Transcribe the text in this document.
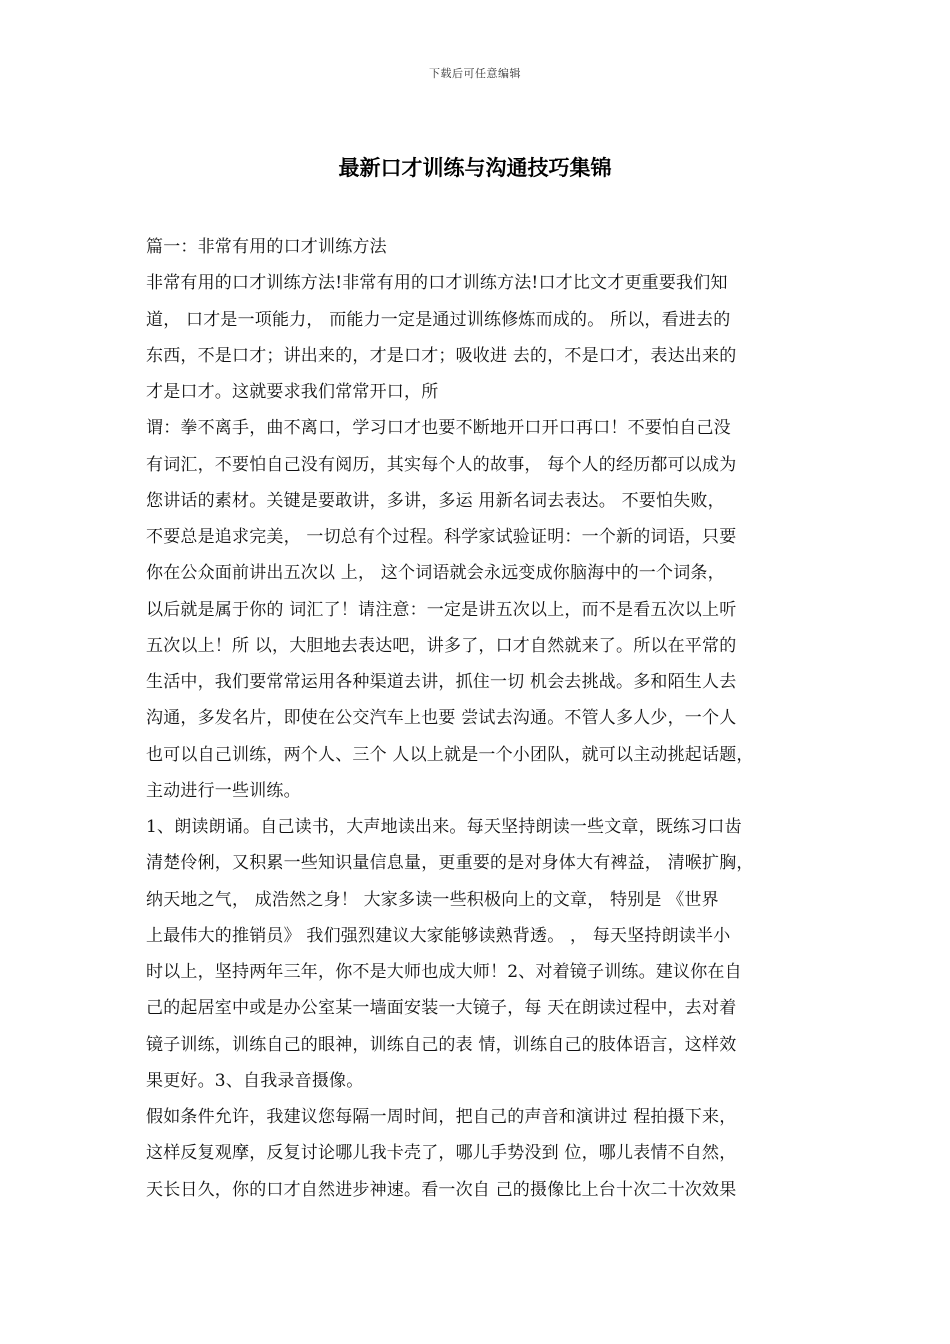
下载后可任意编辑
最新口才训练与沟通技巧集锦
篇一：非常有用的口才训练方法
非常有用的口才训练方法!非常有用的口才训练方法!口才比文才更重要我们知
道， 口才是一项能力， 而能力一定是通过训练修炼而成的。 所以，看进去的
东西，不是口才；讲出来的，才是口才；吸收进 去的，不是口才，表达出来的
才是口才。这就要求我们常常开口，所
谓：拳不离手，曲不离口，学习口才也要不断地开口开口再口！不要怕自己没
有词汇，不要怕自己没有阅历，其实每个人的故事， 每个人的经历都可以成为
您讲话的素材。关键是要敢讲，多讲，多运 用新名词去表达。 不要怕失败，
不要总是追求完美， 一切总有个过程。科学家试验证明：一个新的词语，只要
你在公众面前讲出五次以 上， 这个词语就会永远变成你脑海中的一个词条，
以后就是属于你的 词汇了！请注意：一定是讲五次以上，而不是看五次以上听
五次以上！所 以，大胆地去表达吧，讲多了，口才自然就来了。所以在平常的
生活中，我们要常常运用各种渠道去讲，抓住一切 机会去挑战。多和陌生人去
沟通，多发名片，即使在公交汽车上也要 尝试去沟通。不管人多人少，一个人
也可以自己训练，两个人、三个 人以上就是一个小团队，就可以主动挑起话题，
主动进行一些训练。
1、朗读朗诵。自己读书，大声地读出来。每天坚持朗读一些文章，既练习口齿
清楚伶俐，又积累一些知识量信息量，更重要的是对身体大有裨益， 清喉扩胸，
纳天地之气， 成浩然之身！ 大家多读一些积极向上的文章， 特别是 《世界
上最伟大的推销员》 我们强烈建议大家能够读熟背透。 ， 每天坚持朗读半小
时以上，坚持两年三年，你不是大师也成大师！2、对着镜子训练。建议你在自
己的起居室中或是办公室某一墙面安装一大镜子，每 天在朗读过程中，去对着
镜子训练，训练自己的眼神，训练自己的表 情，训练自己的肢体语言，这样效
果更好。3、自我录音摄像。
假如条件允许，我建议您每隔一周时间，把自己的声音和演讲过 程拍摄下来，
这样反复观摩，反复讨论哪儿我卡壳了，哪儿手势没到 位，哪儿表情不自然，
天长日久，你的口才自然进步神速。看一次自 己的摄像比上台十次二十次效果
